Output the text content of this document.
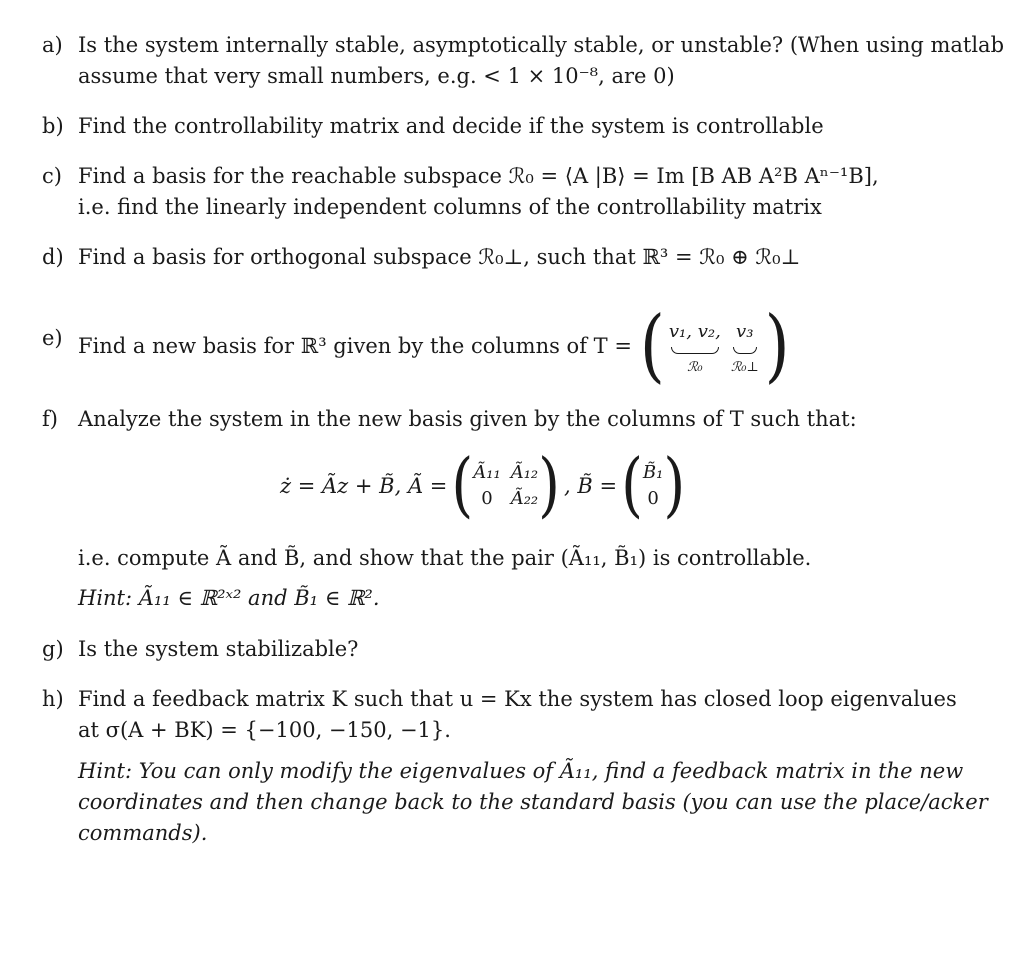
a) Is the system internally stable, asymptotically stable, or unstable? (When using matlab
assume that very small numbers, e.g. < 1 × 10⁻⁸, are 0)
b) Find the controllability matrix and decide if the system is controllable
c) Find a basis for the reachable subspace ℛ₀ = ⟨A |B⟩ = Im [B AB A²B Aⁿ⁻¹B],
i.e. find the linearly independent columns of the controllability matrix
d) Find a basis for orthogonal subspace ℛ₀⊥, such that ℝ³ = ℛ₀ ⊕ ℛ₀⊥
e) Find a new basis for ℝ³ given by the columns of T = ( v₁, v₂,
ℛ₀
v₃
ℛ₀⊥ )
f) Analyze the system in the new basis given by the columns of T such that:
ż = Ãz + B̃, Ã = ( Ã₁₁ Ã₁₂
0	Ã₂₂ ) , B̃ = ( B̃₁
0 )
i.e. compute Ã and B̃, and show that the pair (Ã₁₁, B̃₁) is controllable.
Hint: Ã₁₁ ∈ ℝ²ˣ² and B̃₁ ∈ ℝ².
g) Is the system stabilizable?
h) Find a feedback matrix K such that u = Kx the system has closed loop eigenvalues
at σ(A + BK) = {−100, −150, −1}.
Hint: You can only modify the eigenvalues of Ã₁₁, find a feedback matrix in the new
coordinates and then change back to the standard basis (you can use the place/acker
commands).
